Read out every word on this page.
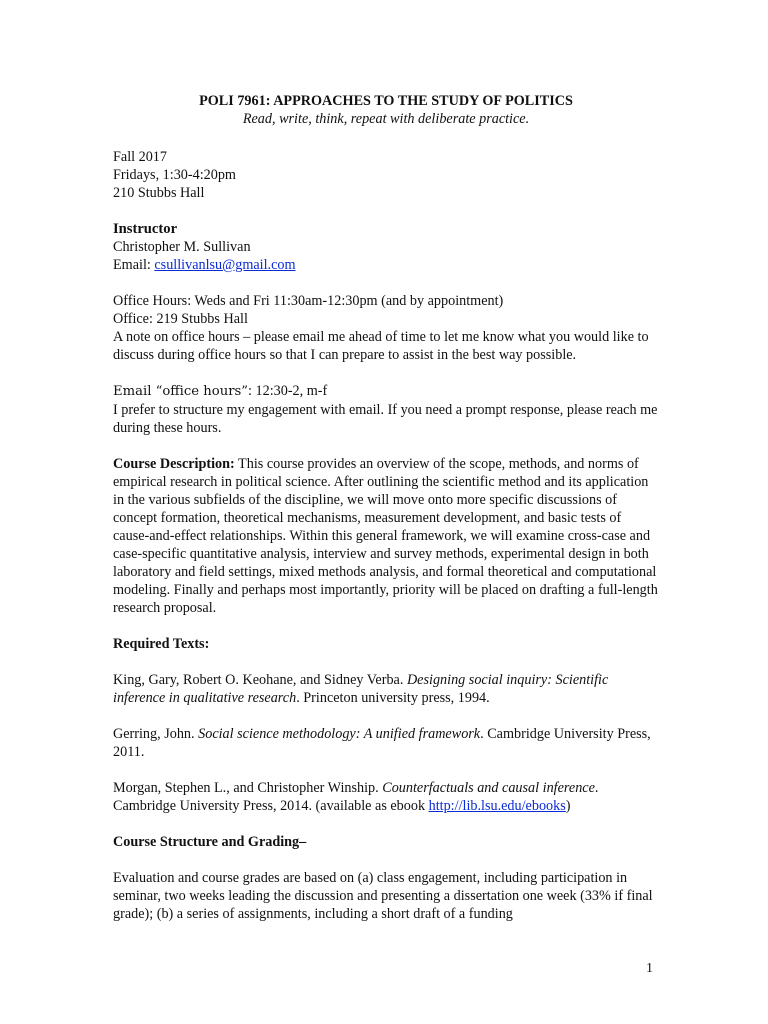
POLI 7961: APPROACHES TO THE STUDY OF POLITICS
Read, write, think, repeat with deliberate practice.
Fall 2017
Fridays, 1:30-4:20pm
210 Stubbs Hall
Instructor
Christopher M. Sullivan
Email: csullivanlsu@gmail.com
Office Hours: Weds and Fri 11:30am-12:30pm (and by appointment)
Office: 219 Stubbs Hall

A note on office hours – please email me ahead of time to let me know what you would like to discuss during office hours so that I can prepare to assist in the best way possible.

Email “office hours”: 12:30-2, m-f

I prefer to structure my engagement with email. If you need a prompt response, please reach me during these hours.

Course Description: This course provides an overview of the scope, methods, and norms of empirical research in political science. After outlining the scientific method and its application in the various subfields of the discipline, we will move onto more specific discussions of concept formation, theoretical mechanisms, measurement development, and basic tests of cause-and-effect relationships. Within this general framework, we will examine cross-case and case-specific quantitative analysis, interview and survey methods, experimental design in both laboratory and field settings, mixed methods analysis, and formal theoretical and computational modeling. Finally and perhaps most importantly, priority will be placed on drafting a full-length research proposal.

Required Texts:

King, Gary, Robert O. Keohane, and Sidney Verba. Designing social inquiry: Scientific inference in qualitative research. Princeton university press, 1994.

Gerring, John. Social science methodology: A unified framework. Cambridge University Press, 2011.

Morgan, Stephen L., and Christopher Winship. Counterfactuals and causal inference. Cambridge University Press, 2014. (available as ebook http://lib.lsu.edu/ebooks)

Course Structure and Grading–

Evaluation and course grades are based on (a) class engagement, including participation in seminar, two weeks leading the discussion and presenting a dissertation one week (33% if final grade); (b) a series of assignments, including a short draft of a funding

1
